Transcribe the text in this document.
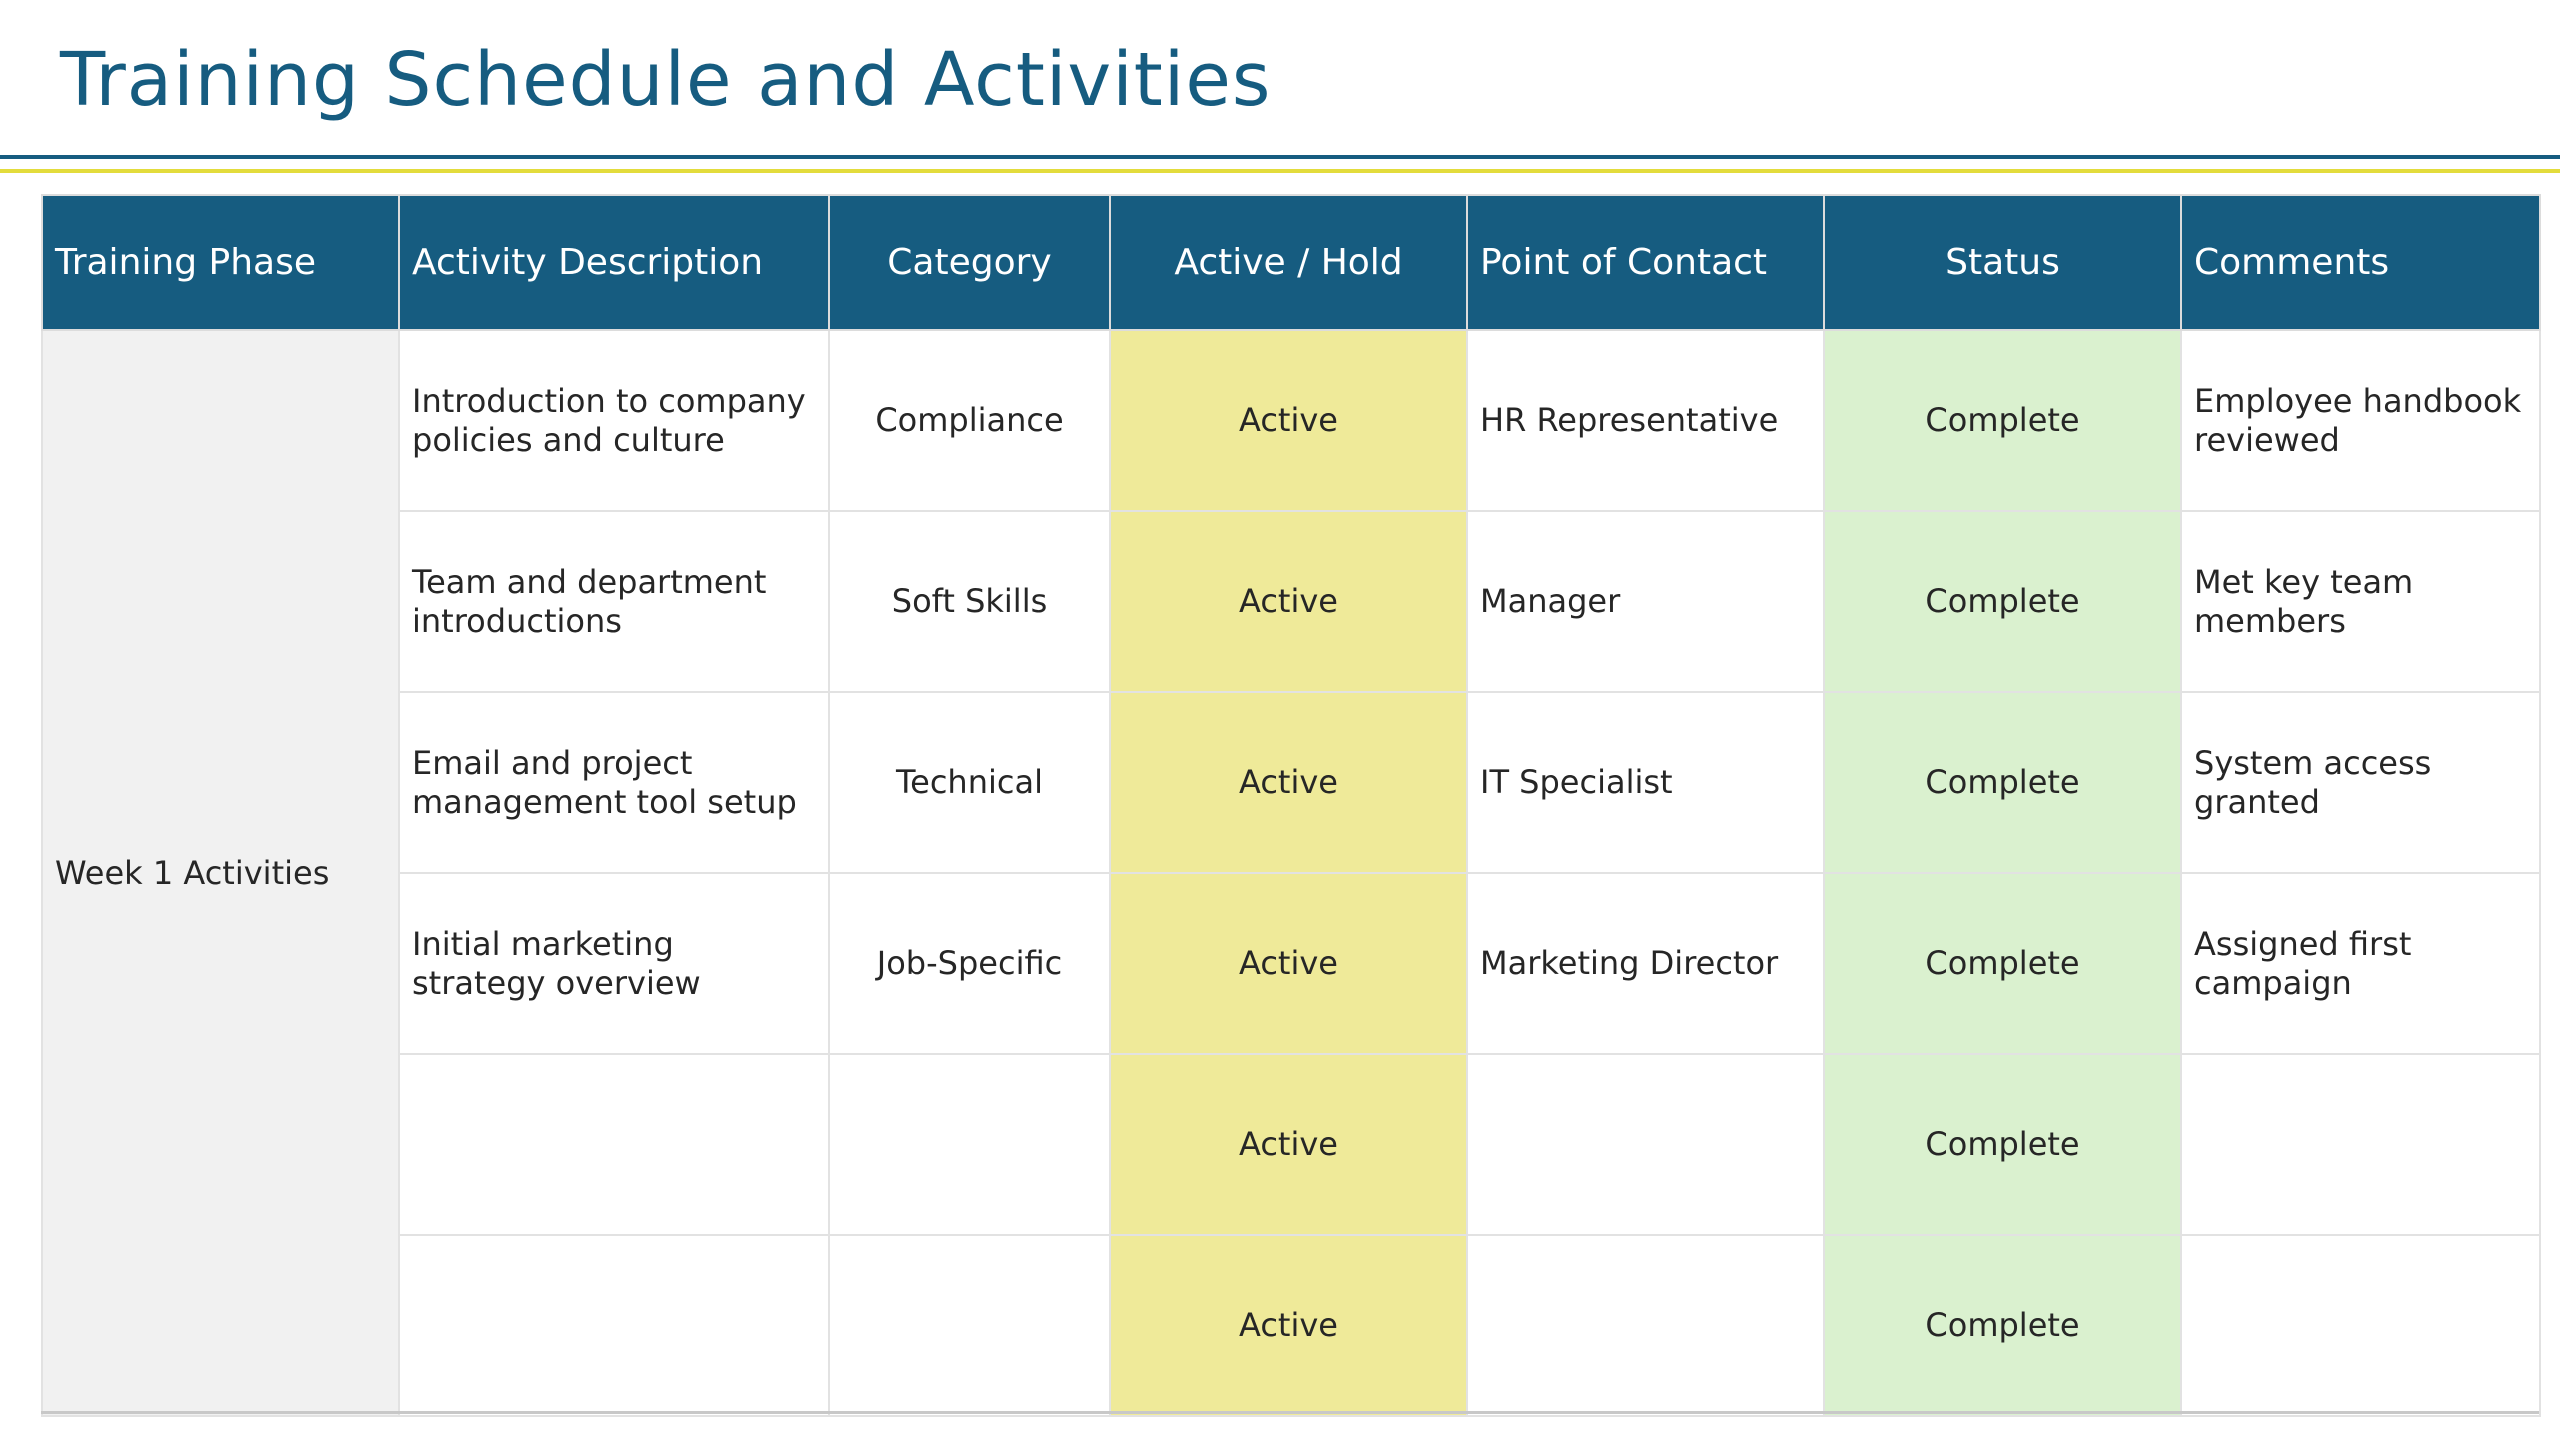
Training Schedule and Activities
Training Phase	Activity Description	Category	Active / Hold	Point of Contact	Status	Comments
Week 1 Activities	Introduction to company policies and culture	Compliance	Active	HR Representative	Complete	Employee handbook reviewed
	Team and department introductions	Soft Skills	Active	Manager	Complete	Met key team members
	Email and project management tool setup	Technical	Active	IT Specialist	Complete	System access granted
	Initial marketing strategy overview	Job-Specific	Active	Marketing Director	Complete	Assigned first campaign
			Active		Complete	
			Active		Complete	
